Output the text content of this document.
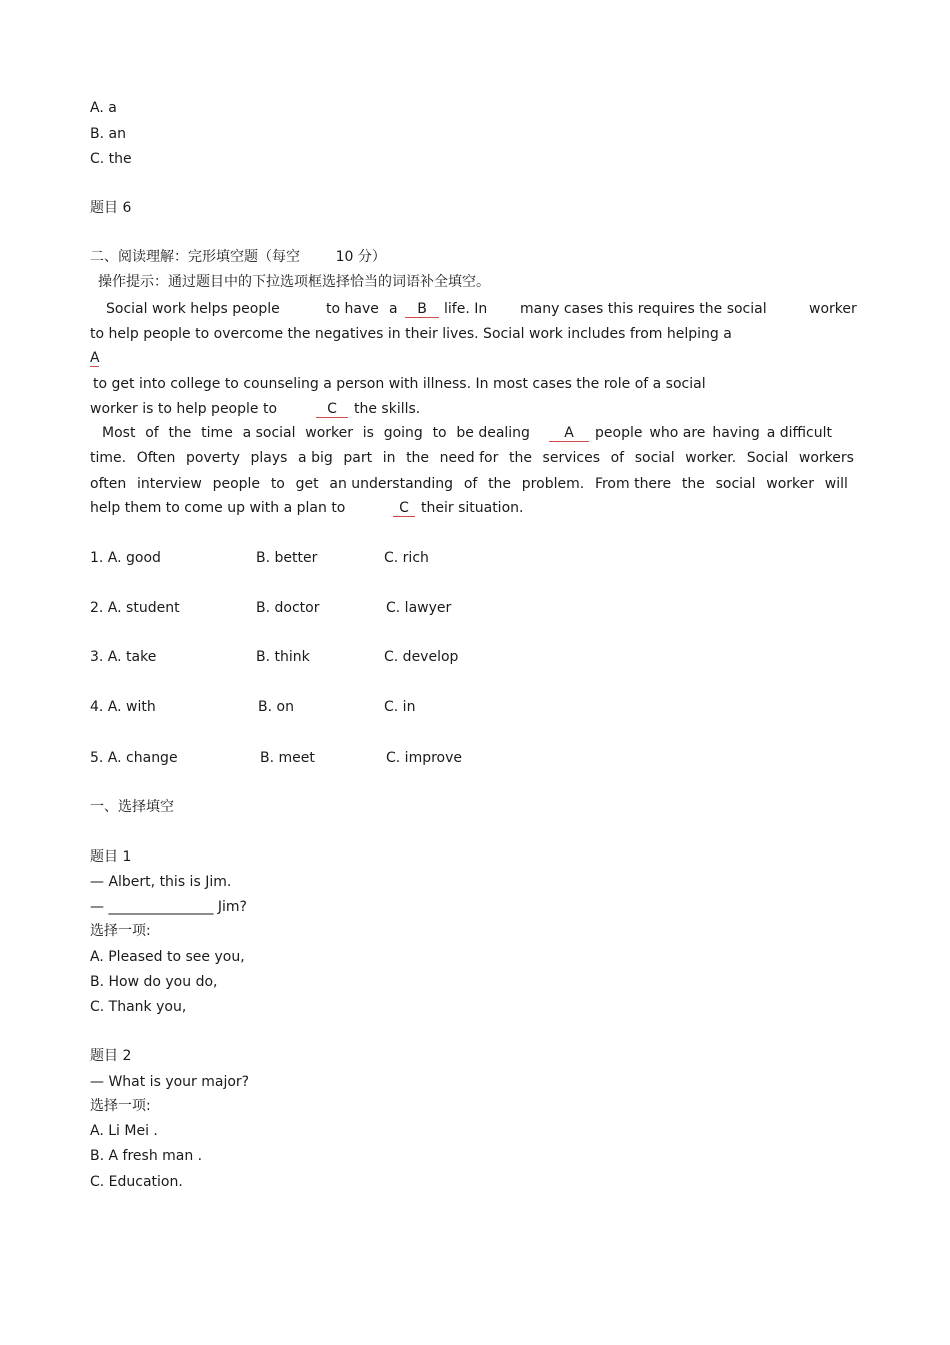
A. a
B. an
C. the
题目 6
二、阅读理解：完形填空题（每空        10 分）
操作提示：通过题目中的下拉选项框选择恰当的词语补全填空。
Social work helps people	to have a	B	life. In many cases this requires the social	worker
to help people to overcome the negatives in their lives. Social work includes from helping a
A
to get into college to counseling a person with illness. In most cases the role of a social
worker is to help people to	C	the skills.
Most of the time a social worker is going to be dealing	A	people who are having a difficult
time. Often poverty plays a big part in the need for the services of social worker. Social workers
often interview people to get an understanding of the problem. From there the social worker will
help them to come up with a plan to	C their situation.
1. A. good	B. better	C. rich
2. A. student	B. doctor	C. lawyer
3. A. take	B. think	C. develop
4. A. with	B. on	C. in
5. A. change	B. meet	C. improve
一、选择填空
题目 1
— Albert, this is Jim.
— _______________ Jim?
选择一项:
A. Pleased to see you,
B. How do you do,
C. Thank you,
题目 2
— What is your major?
选择一项:
A. Li Mei .
B. A fresh man .
C. Education.
